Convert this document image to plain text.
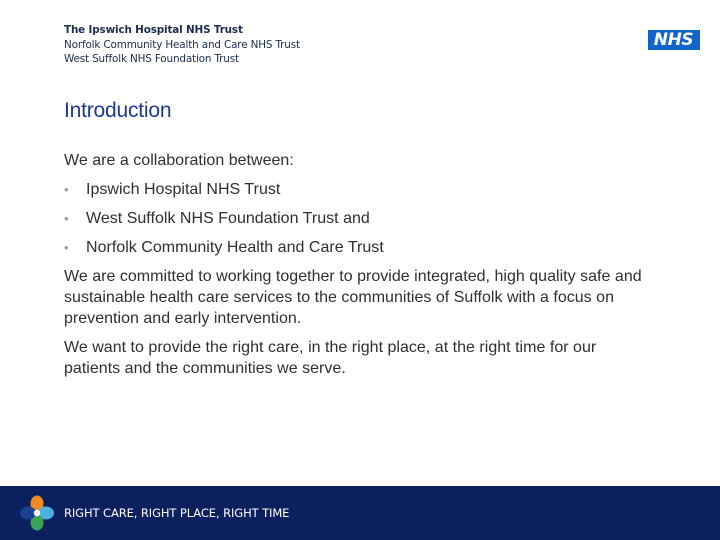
The Ipswich Hospital NHS Trust
Norfolk Community Health and Care NHS Trust
West Suffolk NHS Foundation Trust
NHS
Introduction

We are a collaboration between:

• Ipswich Hospital NHS Trust
• West Suffolk NHS Foundation Trust and
• Norfolk Community Health and Care Trust

We are committed to working together to provide integrated, high quality safe and sustainable health care services to the communities of Suffolk with a focus on prevention and early intervention.

We want to provide the right care, in the right place, at the right time for our patients and the communities we serve.

RIGHT CARE, RIGHT PLACE, RIGHT TIME
